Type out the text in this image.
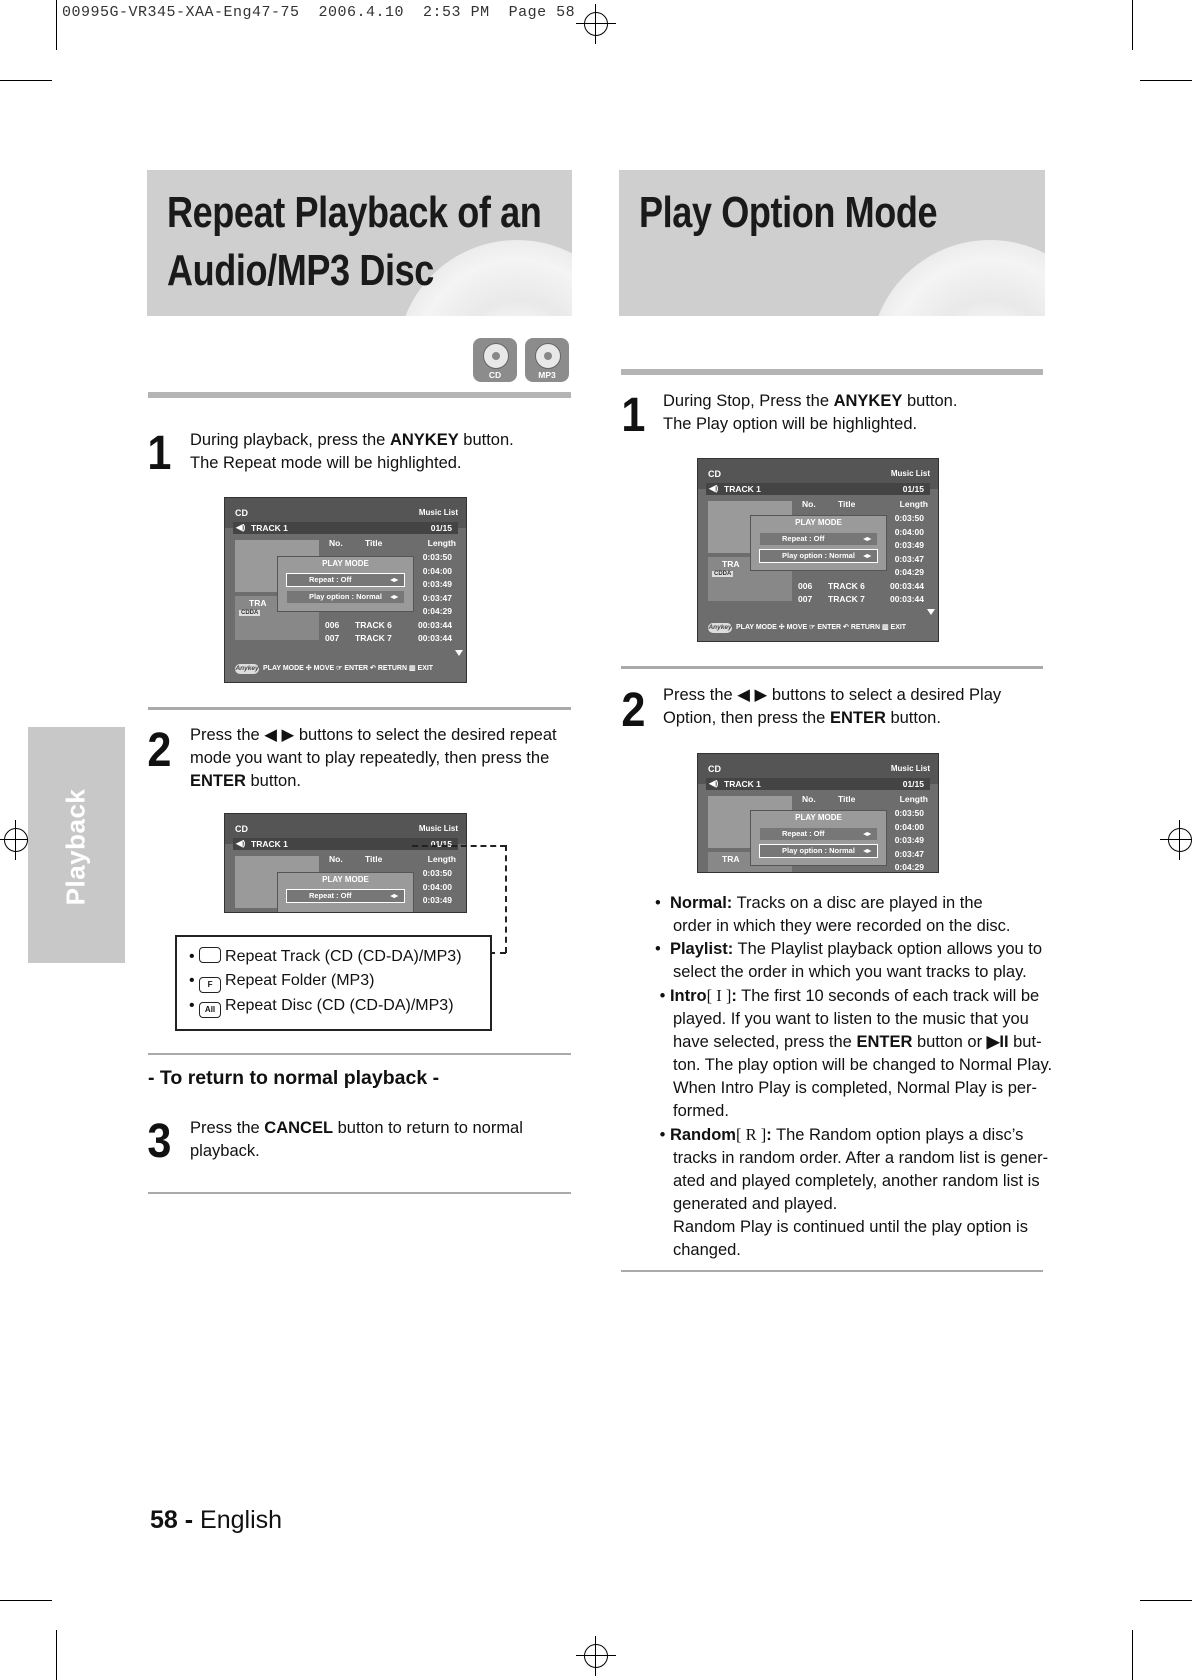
00995G-VR345-XAA-Eng47-75  2006.4.10  2:53 PM  Page 58
Playback
Repeat Playback of an
Audio/MP3 Disc
CD	MP3
1 During playback, press the ANYKEY button.
The Repeat mode will be highlighted.
CD	Music List
◀) TRACK 1	01/15
TRA
CDDA
No.	Title	Length
0:03:50
0:04:00
0:03:49
0:03:47
0:04:29
006 TRACK 6	00:03:44
007 TRACK 7	00:03:44
PLAY MODE
Repeat : Off	◂▸
Play option : Normal ◂▸
Anykey PLAY MODE ✣ MOVE ☞ ENTER ↶ RETURN ▥ EXIT
2 Press the ◀ ▶ buttons to select the desired repeat
mode you want to play repeatedly, then press the
ENTER button.
CD	Music List
◀) TRACK 1	01/15
No.	Title	Length
0:03:50
0:04:00
0:03:49
PLAY MODE
Repeat : Off	◂▸
• Repeat Track (CD (CD-DA)/MP3)
• F Repeat Folder (MP3)
• All Repeat Disc (CD (CD-DA)/MP3)
- To return to normal playback -
3 Press the CANCEL button to return to normal
playback.
Play Option Mode
1 During Stop, Press the ANYKEY button.
The Play option will be highlighted.
CD	Music List
◀) TRACK 1	01/15
TRA
CDDA
No.	Title	Length
0:03:50
0:04:00
0:03:49
0:03:47
0:04:29
006 TRACK 6	00:03:44
007 TRACK 7	00:03:44
PLAY MODE
Repeat : Off	◂▸
Play option : Normal ◂▸
Anykey PLAY MODE ✣ MOVE ☞ ENTER ↶ RETURN ▥ EXIT
2 Press the ◀ ▶ buttons to select a desired Play
Option, then press the ENTER button.
CD	Music List
◀) TRACK 1	01/15
TRA
No.	Title	Length
0:03:50
0:04:00
0:03:49
0:03:47
0:04:29
PLAY MODE
Repeat : Off	◂▸
Play option : Normal ◂▸

•  Normal: Tracks on a disc are played in the

order in which they were recorded on the disc.

•  Playlist: The Playlist playback option allows you to

select the order in which you want tracks to play.

• Intro[ I ]: The first 10 seconds of each track will be

played. If you want to listen to the music that you

have selected, press the ENTER button or ▶II but-

ton. The play option will be changed to Normal Play.

When Intro Play is completed, Normal Play is per-

formed.

• Random[ R ]: The Random option plays a disc’s

tracks in random order. After a random list is gener-

ated and played completely, another random list is

generated and played.

Random Play is continued until the play option is

changed.

58 - English
